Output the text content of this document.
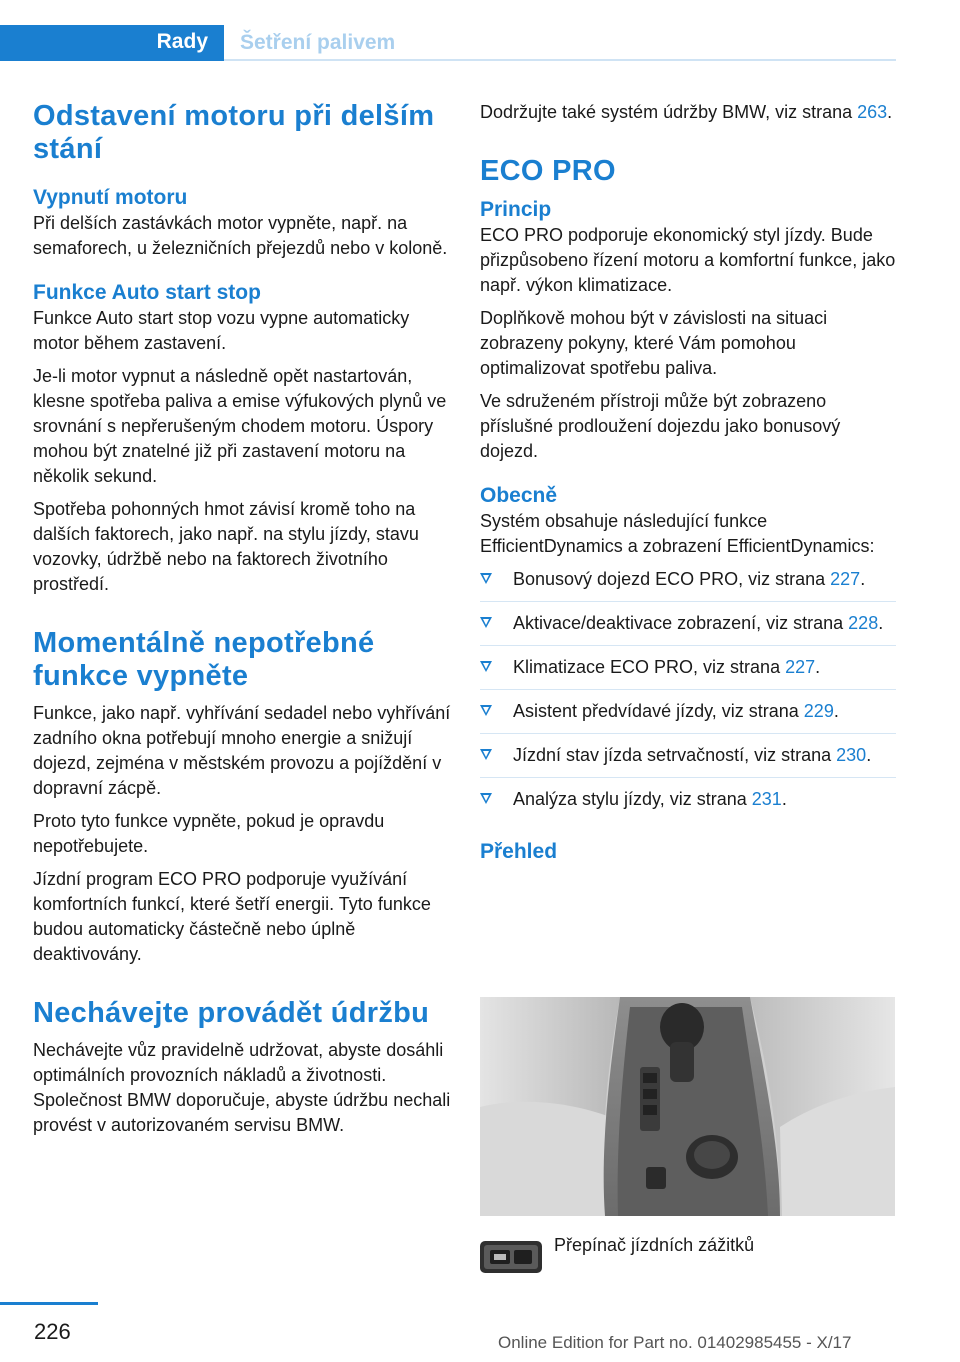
Rady	Šetření palivem
Odstavení motoru při delším stání
Vypnutí motoru

Při delších zastávkách motor vypněte, např. na semaforech, u železničních přejezdů nebo v koloně.

Funkce Auto start stop

Funkce Auto start stop vozu vypne automaticky motor během zastavení.

Je-li motor vypnut a následně opět nastartován, klesne spotřeba paliva a emise výfukových plynů ve srovnání s nepřerušeným chodem motoru. Úspory mohou být znatelné již při zastavení motoru na několik sekund.

Spotřeba pohonných hmot závisí kromě toho na dalších faktorech, jako např. na stylu jízdy, stavu vozovky, údržbě nebo na faktorech životního prostředí.

Momentálně nepotřebné funkce vypněte

Funkce, jako např. vyhřívání sedadel nebo vyhřívání zadního okna potřebují mnoho energie a snižují dojezd, zejména v městském provozu a pojíždění v dopravní zácpě.

Proto tyto funkce vypněte, pokud je opravdu nepotřebujete.

Jízdní program ECO PRO podporuje využívání komfortních funkcí, které šetří energii. Tyto funkce budou automaticky částečně nebo úplně deaktivovány.

Nechávejte provádět údržbu

Nechávejte vůz pravidelně udržovat, abyste dosáhli optimálních provozních nákladů a životnosti. Společnost BMW doporučuje, abyste údržbu nechali provést v autorizovaném servisu BMW.

Dodržujte také systém údržby BMW, viz strana 263.

ECO PRO
Princip

ECO PRO podporuje ekonomický styl jízdy. Bude přizpůsobeno řízení motoru a komfortní funkce, jako např. výkon klimatizace.

Doplňkově mohou být v závislosti na situaci zobrazeny pokyny, které Vám pomohou optimalizovat spotřebu paliva.

Ve sdruženém přístroji může být zobrazeno příslušné prodloužení dojezdu jako bonusový dojezd.

Obecně

Systém obsahuje následující funkce EfficientDynamics a zobrazení EfficientDynamics:

Bonusový dojezd ECO PRO, viz strana 227.
Aktivace/deaktivace zobrazení, viz strana 228.
Klimatizace ECO PRO, viz strana 227.
Asistent předvídavé jízdy, viz strana 229.
Jízdní stav jízda setrvačností, viz strana 230.
Analýza stylu jízdy, viz strana 231.
Přehled
Přepínač jízdních zážitků
226	Online Edition for Part no. 01402985455 - X/17
